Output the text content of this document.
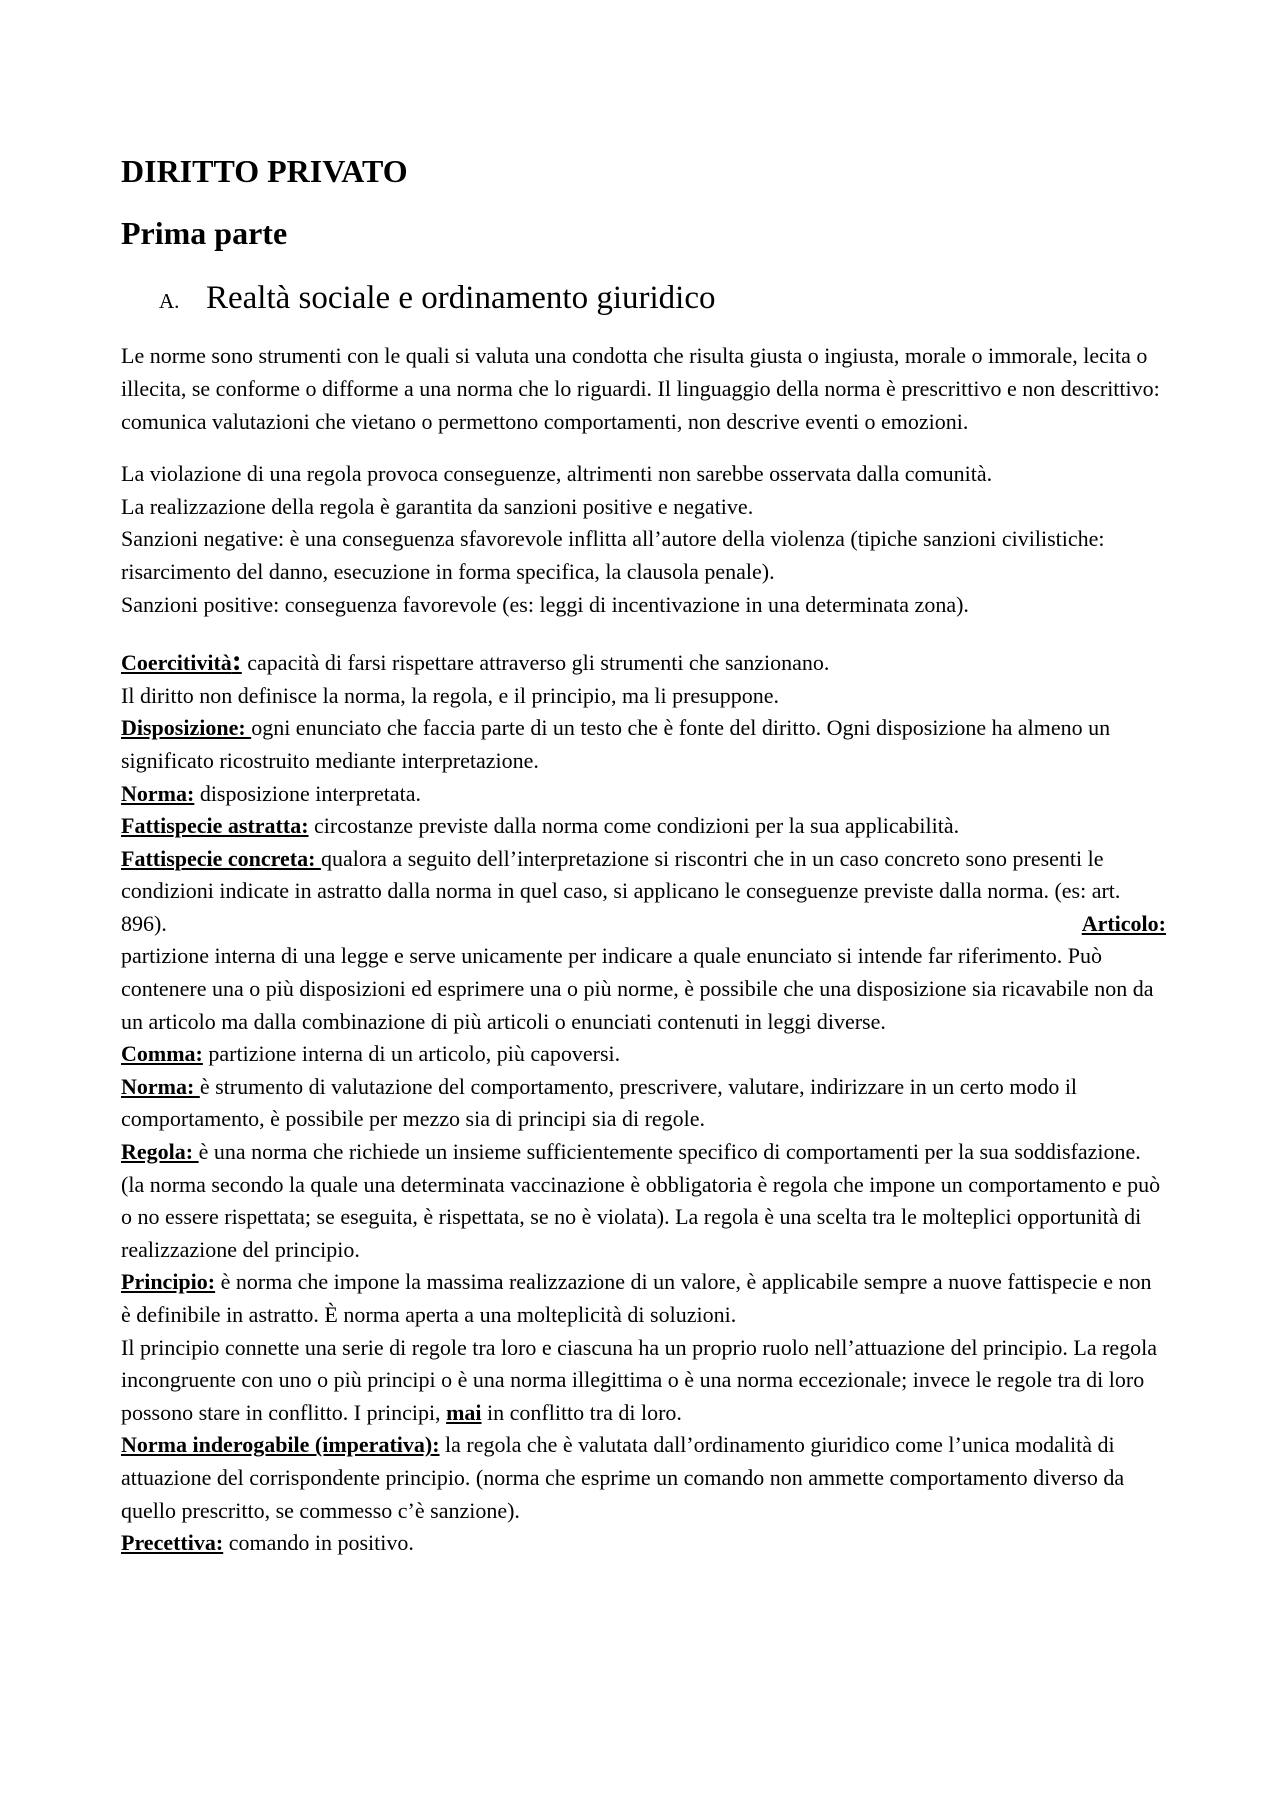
DIRITTO PRIVATO
Prima parte
A. Realtà sociale e ordinamento giuridico

Le norme sono strumenti con le quali si valuta una condotta che risulta giusta o ingiusta, morale o immorale, lecita o illecita, se conforme o difforme a una norma che lo riguardi. Il linguaggio della norma è prescrittivo e non descrittivo: comunica valutazioni che vietano o permettono comportamenti, non descrive eventi o emozioni.

La violazione di una regola provoca conseguenze, altrimenti non sarebbe osservata dalla comunità.

La realizzazione della regola è garantita da sanzioni positive e negative.

Sanzioni negative: è una conseguenza sfavorevole inflitta all’autore della violenza (tipiche sanzioni civilistiche: risarcimento del danno, esecuzione in forma specifica, la clausola penale).

Sanzioni positive: conseguenza favorevole (es: leggi di incentivazione in una determinata zona).

Coercitività: capacità di farsi rispettare attraverso gli strumenti che sanzionano.

Il diritto non definisce la norma, la regola, e il principio, ma li presuppone.

Disposizione: ogni enunciato che faccia parte di un testo che è fonte del diritto. Ogni disposizione ha almeno un significato ricostruito mediante interpretazione.

Norma: disposizione interpretata.

Fattispecie astratta: circostanze previste dalla norma come condizioni per la sua applicabilità.

Fattispecie concreta: qualora a seguito dell’interpretazione si riscontri che in un caso concreto sono presenti le condizioni indicate in astratto dalla norma in quel caso, si applicano le conseguenze previste dalla norma. (es: art. 896).	Articolo:

partizione interna di una legge e serve unicamente per indicare a quale enunciato si intende far riferimento. Può contenere una o più disposizioni ed esprimere una o più norme, è possibile che una disposizione sia ricavabile non da un articolo ma dalla combinazione di più articoli o enunciati contenuti in leggi diverse.

Comma: partizione interna di un articolo, più capoversi.

Norma: è strumento di valutazione del comportamento, prescrivere, valutare, indirizzare in un certo modo il comportamento, è possibile per mezzo sia di principi sia di regole.

Regola: è una norma che richiede un insieme sufficientemente specifico di comportamenti per la sua soddisfazione. (la norma secondo la quale una determinata vaccinazione è obbligatoria è regola che impone un comportamento e può o no essere rispettata; se eseguita, è rispettata, se no è violata). La regola è una scelta tra le molteplici opportunità di realizzazione del principio.

Principio: è norma che impone la massima realizzazione di un valore, è applicabile sempre a nuove fattispecie e non è definibile in astratto. È norma aperta a una molteplicità di soluzioni.

Il principio connette una serie di regole tra loro e ciascuna ha un proprio ruolo nell’attuazione del principio. La regola incongruente con uno o più principi o è una norma illegittima o è una norma eccezionale; invece le regole tra di loro possono stare in conflitto. I principi, mai in conflitto tra di loro.

Norma inderogabile (imperativa): la regola che è valutata dall’ordinamento giuridico come l’unica modalità di attuazione del corrispondente principio. (norma che esprime un comando non ammette comportamento diverso da quello prescritto, se commesso c’è sanzione).

Precettiva: comando in positivo.
